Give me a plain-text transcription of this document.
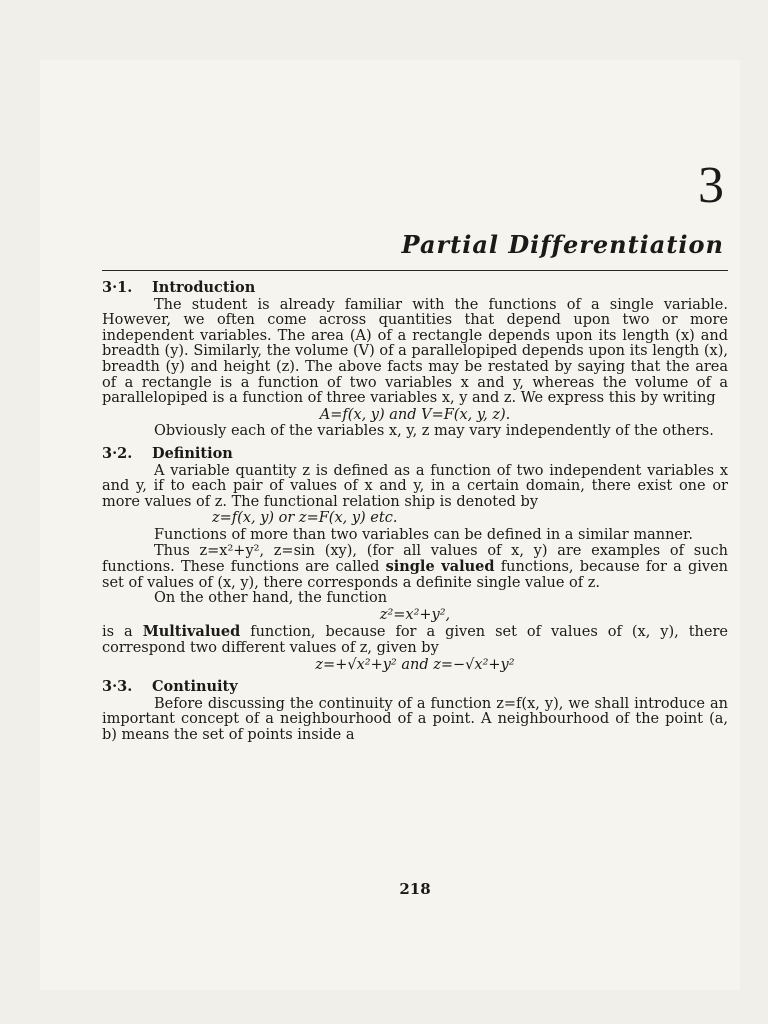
3
Partial Differentiation
3·1. Introduction

The student is already familiar with the functions of a single variable. However, we often come across quantities that depend upon two or more independent variables. The area (A) of a rectangle depends upon its length (x) and breadth (y). Similarly, the volume (V) of a parallelopiped depends upon its length (x), breadth (y) and height (z). The above facts may be restated by saying that the area of a rectangle is a function of two variables x and y, whereas the volume of a parallelopiped is a function of three variables x, y and z. We express this by writing

A=f(x, y) and V=F(x, y, z).

Obviously each of the variables x, y, z may vary independently of the others.

3·2. Definition

A variable quantity z is defined as a function of two independent variables x and y, if to each pair of values of x and y, in a certain domain, there exist one or more values of z. The functional relation ship is denoted by

z=f(x, y) or z=F(x, y) etc.

Functions of more than two variables can be defined in a similar manner.

Thus z=x²+y², z=sin (xy), (for all values of x, y) are examples of such functions. These functions are called single valued functions, because for a given set of values of (x, y), there corresponds a definite single value of z.

On the other hand, the function

z²=x²+y²,

is a Multivalued function, because for a given set of values of (x, y), there correspond two different values of z, given by

z=+√x²+y² and z=−√x²+y²
3·3. Continuity

Before discussing the continuity of a function z=f(x, y), we shall introduce an important concept of a neighbourhood of a point. A neighbourhood of the point (a, b) means the set of points inside a

218
